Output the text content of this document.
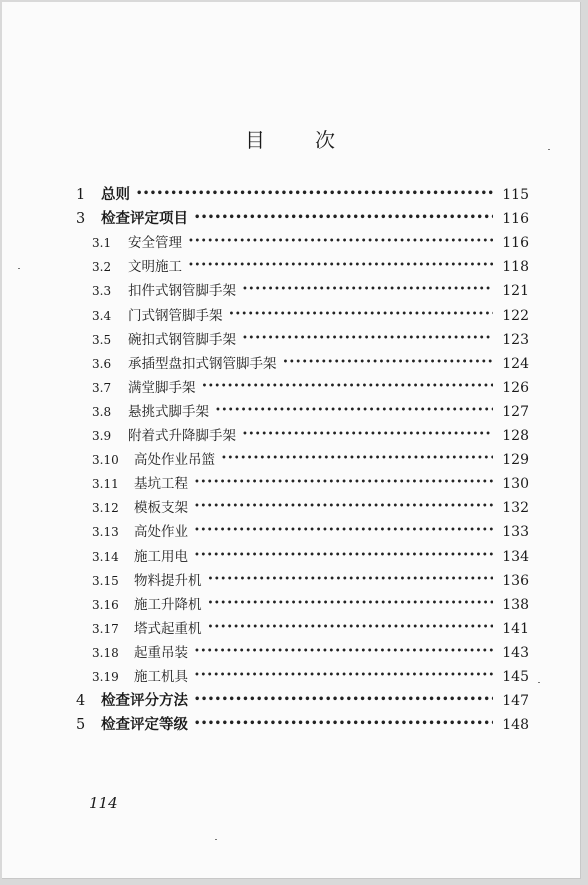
目 次
1	总则 •••••	115
3	检查评定项目 •••••	116
3.1	安全管理 •••••	116
3.2	文明施工 •••••	118
3.3	扣件式钢管脚手架 •••••	121
3.4	门式钢管脚手架 •••••	122
3.5	碗扣式钢管脚手架 •••••	123
3.6	承插型盘扣式钢管脚手架 •••••	124
3.7	满堂脚手架 •••••	126
3.8	悬挑式脚手架 •••••	127
3.9	附着式升降脚手架 •••••	128
3.10	高处作业吊篮 •••••	129
3.11	基坑工程 •••••	130
3.12	模板支架 •••••	132
3.13	高处作业 •••••	133
3.14	施工用电 •••••	134
3.15	物料提升机 •••••	136
3.16	施工升降机 •••••	138
3.17	塔式起重机 •••••	141
3.18	起重吊装 •••••	143
3.19	施工机具 •••••	145
4	检查评分方法 •••••	147
5	检查评定等级 •••••	148
114
